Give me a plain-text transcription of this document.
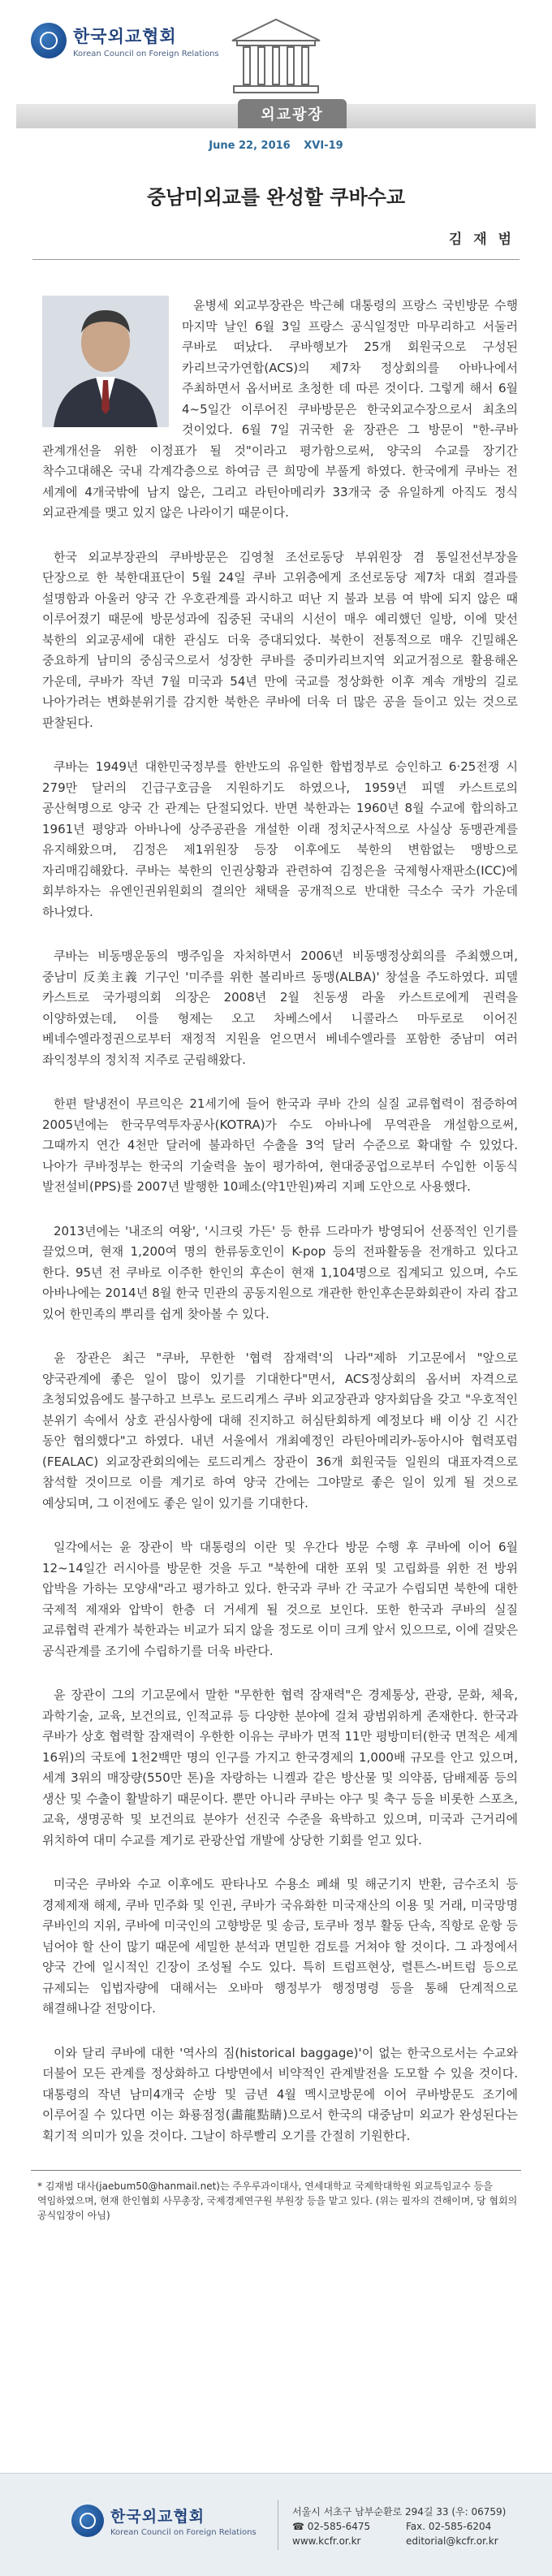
한국외교협회
Korean Council on Foreign Relations
외교광장
June 22, 2016 XVI-19
중남미외교를 완성할 쿠바수교
김 재 범

윤병세 외교부장관은 박근혜 대통령의 프랑스 국빈방문 수행 마지막 날인 6월 3일 프랑스 공식일정만 마무리하고 서둘러 쿠바로 떠났다. 쿠바행보가 25개 회원국으로 구성된 카리브국가연합(ACS)의 제7차 정상회의를 아바나에서 주최하면서 옵서버로 초청한 데 따른 것이다. 그렇게 해서 6월 4~5일간 이루어진 쿠바방문은 한국외교수장으로서 최초의 것이었다. 6월 7일 귀국한 윤 장관은 그 방문이 "한-쿠바 관계개선을 위한 이정표가 될 것"이라고 평가함으로써, 양국의 수교를 장기간 착수고대해온 국내 각계각층으로 하여금 큰 희망에 부풀게 하였다. 한국에게 쿠바는 전 세계에 4개국밖에 남지 않은, 그리고 라틴아메리카 33개국 중 유일하게 아직도 정식 외교관계를 맺고 있지 않은 나라이기 때문이다.

한국 외교부장관의 쿠바방문은 김영철 조선로동당 부위원장 겸 통일전선부장을 단장으로 한 북한대표단이 5월 24일 쿠바 고위층에게 조선로동당 제7차 대회 결과를 설명함과 아울러 양국 간 우호관계를 과시하고 떠난 지 불과 보름 여 밖에 되지 않은 때 이루어졌기 때문에 방문성과에 집중된 국내의 시선이 매우 예리했던 일방, 이에 맞선 북한의 외교공세에 대한 관심도 더욱 증대되었다. 북한이 전통적으로 매우 긴밀해온 중요하게 남미의 중심국으로서 성장한 쿠바를 중미카리브지역 외교거점으로 활용해온 가운데, 쿠바가 작년 7월 미국과 54년 만에 국교를 정상화한 이후 계속 개방의 길로 나아가려는 변화분위기를 감지한 북한은 쿠바에 더욱 더 많은 공을 들이고 있는 것으로 판찰된다.

쿠바는 1949년 대한민국정부를 한반도의 유일한 합법정부로 승인하고 6·25전쟁 시 279만 달러의 긴급구호금을 지원하기도 하였으나, 1959년 피델 카스트로의 공산혁명으로 양국 간 관계는 단절되었다. 반면 북한과는 1960년 8월 수교에 합의하고 1961년 평양과 아바나에 상주공관을 개설한 이래 정치군사적으로 사실상 동맹관계를 유지해왔으며, 김정은 제1위원장 등장 이후에도 북한의 변함없는 맹방으로 자리매김해왔다. 쿠바는 북한의 인권상황과 관련하여 김정은을 국제형사재판소(ICC)에 회부하자는 유엔인권위원회의 결의안 채택을 공개적으로 반대한 극소수 국가 가운데 하나였다.

쿠바는 비동맹운동의 맹주임을 자처하면서 2006년 비동맹정상회의를 주최했으며, 중남미 反美主義 기구인 '미주를 위한 볼리바르 동맹(ALBA)' 창설을 주도하였다. 피델 카스트로 국가평의회 의장은 2008년 2월 친동생 라울 카스트로에게 권력을 이양하였는데, 이를 형제는 오고 차베스에서 니콜라스 마두로로 이어진 베네수엘라정권으로부터 재정적 지원을 얻으면서 베네수엘라를 포함한 중남미 여러 좌익정부의 정치적 지주로 군림해왔다.

한편 탈냉전이 무르익은 21세기에 들어 한국과 쿠바 간의 실질 교류협력이 점증하여 2005년에는 한국무역투자공사(KOTRA)가 수도 아바나에 무역관을 개설함으로써, 그때까지 연간 4천만 달러에 불과하던 수출을 3억 달러 수준으로 확대할 수 있었다. 나아가 쿠바정부는 한국의 기술력을 높이 평가하여, 현대중공업으로부터 수입한 이동식 발전설비(PPS)를 2007년 발행한 10페소(약1만원)짜리 지폐 도안으로 사용했다.

2013년에는 '내조의 여왕', '시크릿 가든' 등 한류 드라마가 방영되어 선풍적인 인기를 끌었으며, 현재 1,200여 명의 한류동호인이 K-pop 등의 전파활동을 전개하고 있다고 한다. 95년 전 쿠바로 이주한 한인의 후손이 현재 1,104명으로 집계되고 있으며, 수도 아바나에는 2014년 8월 한국 민관의 공동지원으로 개관한 한인후손문화회관이 자리 잡고 있어 한민족의 뿌리를 쉽게 찾아볼 수 있다.

윤 장관은 최근 "쿠바, 무한한 '협력 잠재력'의 나라"제하 기고문에서 "앞으로 양국관계에 좋은 일이 많이 있기를 기대한다"면서, ACS정상회의 옵서버 자격으로 초청되었음에도 불구하고 브루노 로드리게스 쿠바 외교장관과 양자회담을 갖고 "우호적인 분위기 속에서 상호 관심사항에 대해 진지하고 허심탄회하게 예정보다 배 이상 긴 시간 동안 협의했다"고 하였다. 내년 서울에서 개최예정인 라틴아메리카-동아시아 협력포럼(FEALAC) 외교장관회의에는 로드리게스 장관이 36개 회원국들 일원의 대표자격으로 참석할 것이므로 이를 계기로 하여 양국 간에는 그야말로 좋은 일이 있게 될 것으로 예상되며, 그 이전에도 좋은 일이 있기를 기대한다.

일각에서는 윤 장관이 박 대통령의 이란 및 우간다 방문 수행 후 쿠바에 이어 6월 12~14일간 러시아를 방문한 것을 두고 "북한에 대한 포위 및 고립화를 위한 전 방위 압박을 가하는 모양새"라고 평가하고 있다. 한국과 쿠바 간 국교가 수립되면 북한에 대한 국제적 제재와 압박이 한층 더 거세게 될 것으로 보인다. 또한 한국과 쿠바의 실질 교류협력 관계가 북한과는 비교가 되지 않을 정도로 이미 크게 앞서 있으므로, 이에 걸맞은 공식관계를 조기에 수립하기를 더욱 바란다.

윤 장관이 그의 기고문에서 말한 "무한한 협력 잠재력"은 경제통상, 관광, 문화, 체육, 과학기술, 교육, 보건의료, 인적교류 등 다양한 분야에 걸쳐 광범위하게 존재한다. 한국과 쿠바가 상호 협력할 잠재력이 우한한 이유는 쿠바가 면적 11만 평방미터(한국 면적은 세계 16위)의 국토에 1천2백만 명의 인구를 가지고 한국경제의 1,000배 규모를 안고 있으며, 세계 3위의 매장량(550만 톤)을 자랑하는 니켈과 같은 방산물 및 의약품, 담배제품 등의 생산 및 수출이 활발하기 때문이다. 뿐만 아니라 쿠바는 야구 및 축구 등을 비롯한 스포츠, 교육, 생명공학 및 보건의료 분야가 선진국 수준을 육박하고 있으며, 미국과 근거리에 위치하여 대미 수교를 계기로 관광산업 개발에 상당한 기회를 얻고 있다.

미국은 쿠바와 수교 이후에도 판타나모 수용소 폐쇄 및 해군기지 반환, 금수조치 등 경제제재 해제, 쿠바 민주화 및 인권, 쿠바가 국유화한 미국재산의 이용 및 거래, 미국망명 쿠바인의 지위, 쿠바에 미국인의 고향방문 및 송금, 토쿠바 정부 활동 단속, 직항로 운항 등 넘어야 할 산이 많기 때문에 세밀한 분석과 면밀한 검토를 거쳐야 할 것이다. 그 과정에서 양국 간에 일시적인 긴장이 조성될 수도 있다. 특히 트럼프현상, 렬튼스-버트럼 등으로 규제되는 입법자량에 대해서는 오바마 행정부가 행정명령 등을 통해 단계적으로 해결해나갈 전망이다.

이와 달리 쿠바에 대한 '역사의 짐(historical baggage)'이 없는 한국으로서는 수교와 더불어 모든 관계를 정상화하고 다방면에서 비약적인 관계발전을 도모할 수 있을 것이다. 대통령의 작년 남미4개국 순방 및 금년 4월 멕시코방문에 이어 쿠바방문도 조기에 이루어질 수 있다면 이는 화룡점정(畵龍點睛)으로서 한국의 대중남미 외교가 완성된다는 획기적 의미가 있을 것이다. 그날이 하루빨리 오기를 간절히 기원한다.

* 김재범 대사(jaebum50@hanmail.net)는 주우루과이대사, 연세대학교 국제학대학원 외교특임교수 등을 역임하였으며, 현재 한인협회 사무총장, 국제경제연구원 부원장 등을 맡고 있다. (위는 필자의 견해이며, 당 협회의 공식입장이 아님)
한국외교협회
Korean Council on Foreign Relations
서울시 서초구 남부순환로 294길 33 (우: 06759)
☎ 02-585-6475	Fax. 02-585-6204
www.kcfr.or.kr	editorial@kcfr.or.kr
